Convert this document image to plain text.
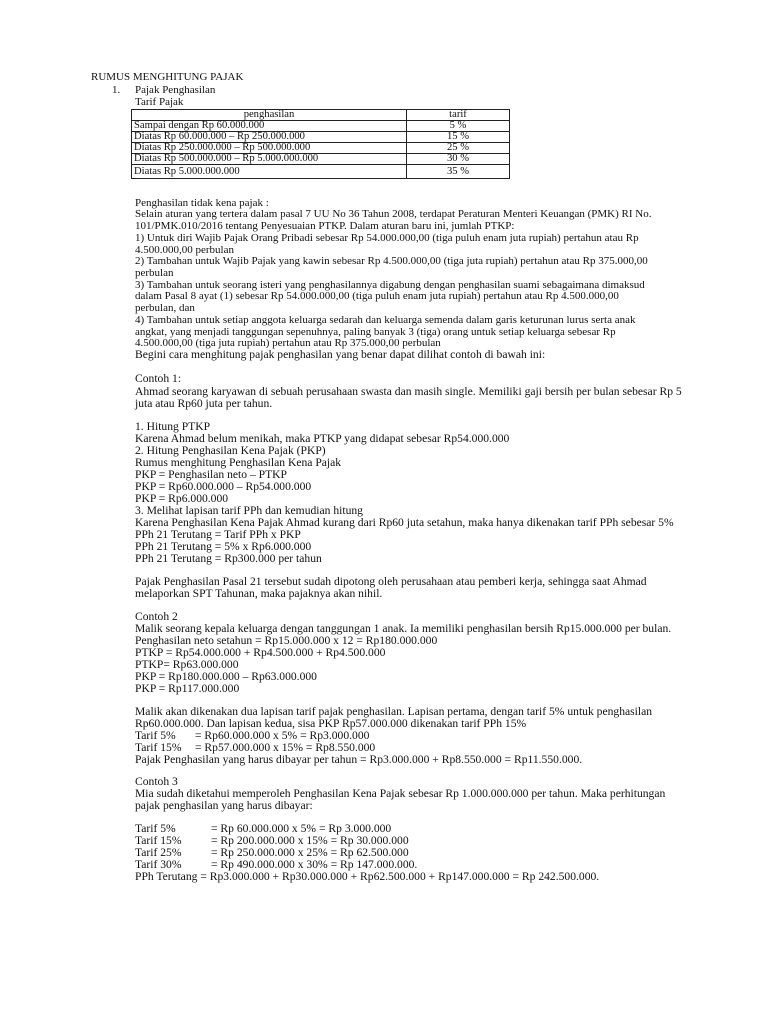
RUMUS MENGHITUNG PAJAK
1. Pajak Penghasilan
Tarif Pajak
penghasilan	tarif
Sampai dengan Rp 60.000.000	5 %
Diatas Rp 60.000.000 – Rp 250.000.000	15 %
Diatas Rp 250.000.000 – Rp 500.000.000	25 %
Diatas Rp 500.000.000 – Rp 5.000.000.000	30 %
Diatas Rp 5.000.000.000	35 %
Penghasilan tidak kena pajak :
Selain aturan yang tertera dalam pasal 7 UU No 36 Tahun 2008, terdapat Peraturan Menteri Keuangan (PMK) RI No.
101/PMK.010/2016 tentang Penyesuaian PTKP. Dalam aturan baru ini, jumlah PTKP:
1) Untuk diri Wajib Pajak Orang Pribadi sebesar Rp 54.000.000,00 (tiga puluh enam juta rupiah) pertahun atau Rp
4.500.000,00 perbulan
2) Tambahan untuk Wajib Pajak yang kawin sebesar Rp 4.500.000,00 (tiga juta rupiah) pertahun atau Rp 375.000,00
perbulan
3) Tambahan untuk seorang isteri yang penghasilannya digabung dengan penghasilan suami sebagaimana dimaksud
dalam Pasal 8 ayat (1) sebesar Rp 54.000.000,00 (tiga puluh enam juta rupiah) pertahun atau Rp 4.500.000,00
perbulan, dan
4) Tambahan untuk setiap anggota keluarga sedarah dan keluarga semenda dalam garis keturunan lurus serta anak
angkat, yang menjadi tanggungan sepenuhnya, paling banyak 3 (tiga) orang untuk setiap keluarga sebesar Rp
4.500.000,00 (tiga juta rupiah) pertahun atau Rp 375.000,00 perbulan
Begini cara menghitung pajak penghasilan yang benar dapat dilihat contoh di bawah ini:
Contoh 1:
Ahmad seorang karyawan di sebuah perusahaan swasta dan masih single. Memiliki gaji bersih per bulan sebesar Rp 5
juta atau Rp60 juta per tahun.
1. Hitung PTKP
Karena Ahmad belum menikah, maka PTKP yang didapat sebesar Rp54.000.000
2. Hitung Penghasilan Kena Pajak (PKP)
Rumus menghitung Penghasilan Kena Pajak
PKP = Penghasilan neto – PTKP
PKP = Rp60.000.000 – Rp54.000.000
PKP = Rp6.000.000
3. Melihat lapisan tarif PPh dan kemudian hitung
Karena Penghasilan Kena Pajak Ahmad kurang dari Rp60 juta setahun, maka hanya dikenakan tarif PPh sebesar 5%
PPh 21 Terutang = Tarif PPh x PKP
PPh 21 Terutang = 5% x Rp6.000.000
PPh 21 Terutang = Rp300.000 per tahun
Pajak Penghasilan Pasal 21 tersebut sudah dipotong oleh perusahaan atau pemberi kerja, sehingga saat Ahmad
melaporkan SPT Tahunan, maka pajaknya akan nihil.
Contoh 2
Malik seorang kepala keluarga dengan tanggungan 1 anak. Ia memiliki penghasilan bersih Rp15.000.000 per bulan.
Penghasilan neto setahun = Rp15.000.000 x 12 = Rp180.000.000
PTKP = Rp54.000.000 + Rp4.500.000 + Rp4.500.000
PTKP= Rp63.000.000
PKP = Rp180.000.000 – Rp63.000.000
PKP = Rp117.000.000
Malik akan dikenakan dua lapisan tarif pajak penghasilan. Lapisan pertama, dengan tarif 5% untuk penghasilan
Rp60.000.000. Dan lapisan kedua, sisa PKP Rp57.000.000 dikenakan tarif PPh 15%
Tarif 5% = Rp60.000.000 x 5% = Rp3.000.000
Tarif 15% = Rp57.000.000 x 15% = Rp8.550.000
Pajak Penghasilan yang harus dibayar per tahun = Rp3.000.000 + Rp8.550.000 = Rp11.550.000.
Contoh 3
Mia sudah diketahui memperoleh Penghasilan Kena Pajak sebesar Rp 1.000.000.000 per tahun. Maka perhitungan
pajak penghasilan yang harus dibayar:
Tarif 5%	= Rp 60.000.000 x 5% = Rp 3.000.000
Tarif 15%	= Rp 200.000.000 x 15% = Rp 30.000.000
Tarif 25%	= Rp 250.000.000 x 25% = Rp 62.500.000
Tarif 30%	= Rp 490.000.000 x 30% = Rp 147.000.000.
PPh Terutang = Rp3.000.000 + Rp30.000.000 + Rp62.500.000 + Rp147.000.000 = Rp 242.500.000.
